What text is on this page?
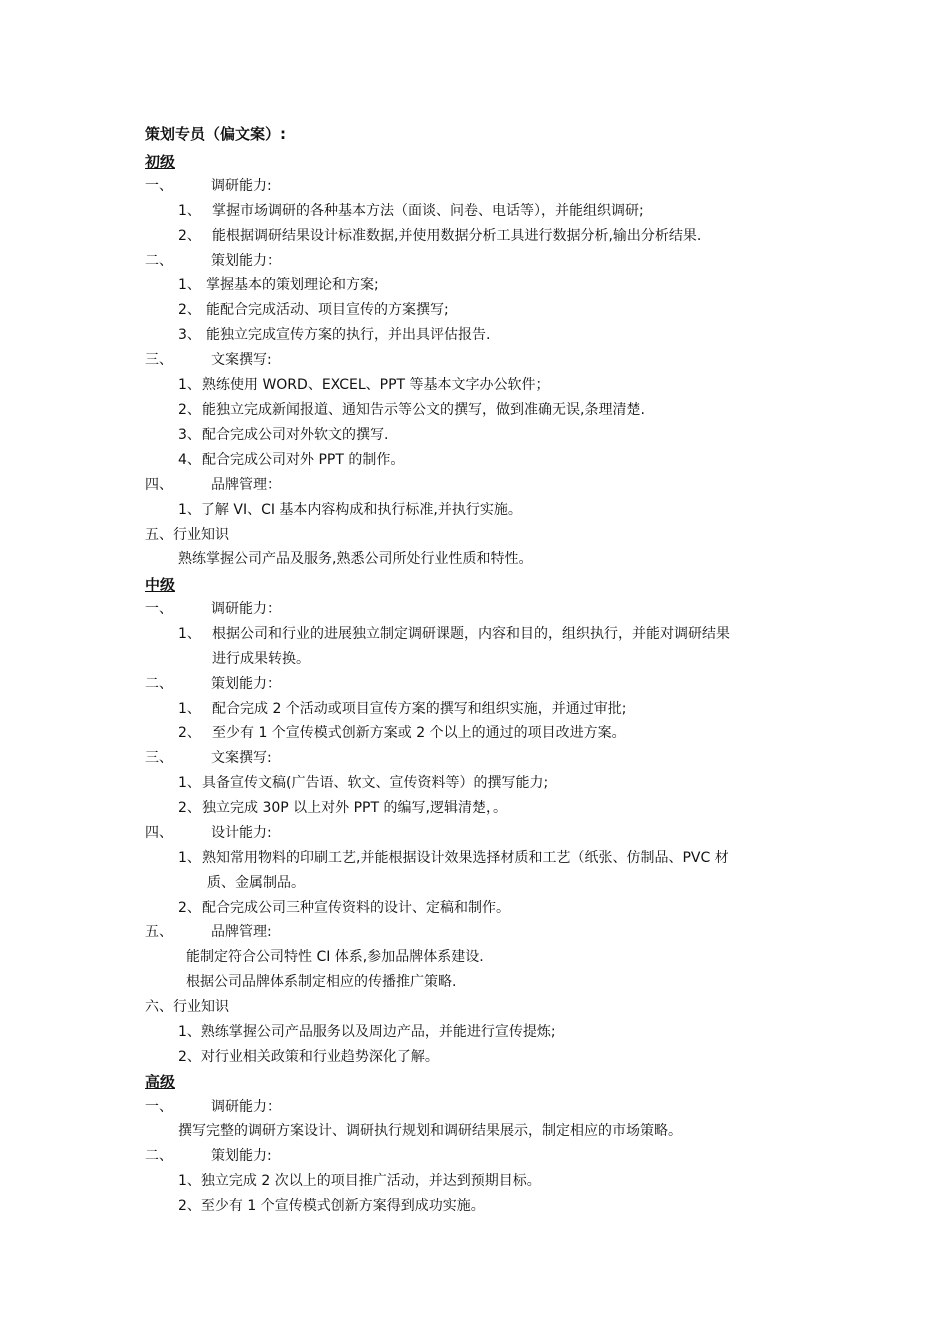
策划专员（偏文案）:
初级
一、	调研能力:
1、 掌握市场调研的各种基本方法（面谈、问卷、电话等），并能组织调研;
2、 能根据调研结果设计标准数据,并使用数据分析工具进行数据分析,输出分析结果.
二、	策划能力：
1、 掌握基本的策划理论和方案;
2、 能配合完成活动、项目宣传的方案撰写;
3、 能独立完成宣传方案的执行，并出具评估报告.
三、	文案撰写:
1、熟练使用 WORD、EXCEL、PPT 等基本文字办公软件；
2、能独立完成新闻报道、通知告示等公文的撰写，做到准确无误,条理清楚.
3、配合完成公司对外软文的撰写.
4、配合完成公司对外 PPT 的制作。
四、	品牌管理：
1、了解 VI、CI 基本内容构成和执行标准,并执行实施。
五、行业知识
熟练掌握公司产品及服务,熟悉公司所处行业性质和特性。
中级
一、	调研能力：
1、 根据公司和行业的进展独立制定调研课题，内容和目的，组织执行，并能对调研结果
进行成果转换。
二、	策划能力：
1、 配合完成 2 个活动或项目宣传方案的撰写和组织实施，并通过审批;
2、 至少有 1 个宣传模式创新方案或 2 个以上的通过的项目改进方案。
三、	文案撰写:
1、具备宣传文稿(广告语、软文、宣传资料等）的撰写能力;
2、独立完成 30P 以上对外 PPT 的编写,逻辑清楚，。
四、	设计能力:
1、熟知常用物料的印刷工艺,并能根据设计效果选择材质和工艺（纸张、仿制品、PVC 材
质、金属制品。
2、配合完成公司三种宣传资料的设计、定稿和制作。
五、	品牌管理:
能制定符合公司特性 CI 体系,参加品牌体系建设.
根据公司品牌体系制定相应的传播推广策略.
六、行业知识
1、熟练掌握公司产品服务以及周边产品，并能进行宣传提炼;
2、对行业相关政策和行业趋势深化了解。
高级
一、	调研能力：
撰写完整的调研方案设计、调研执行规划和调研结果展示，制定相应的市场策略。
二、	策划能力:
1、独立完成 2 次以上的项目推广活动，并达到预期目标。
2、至少有 1 个宣传模式创新方案得到成功实施。
